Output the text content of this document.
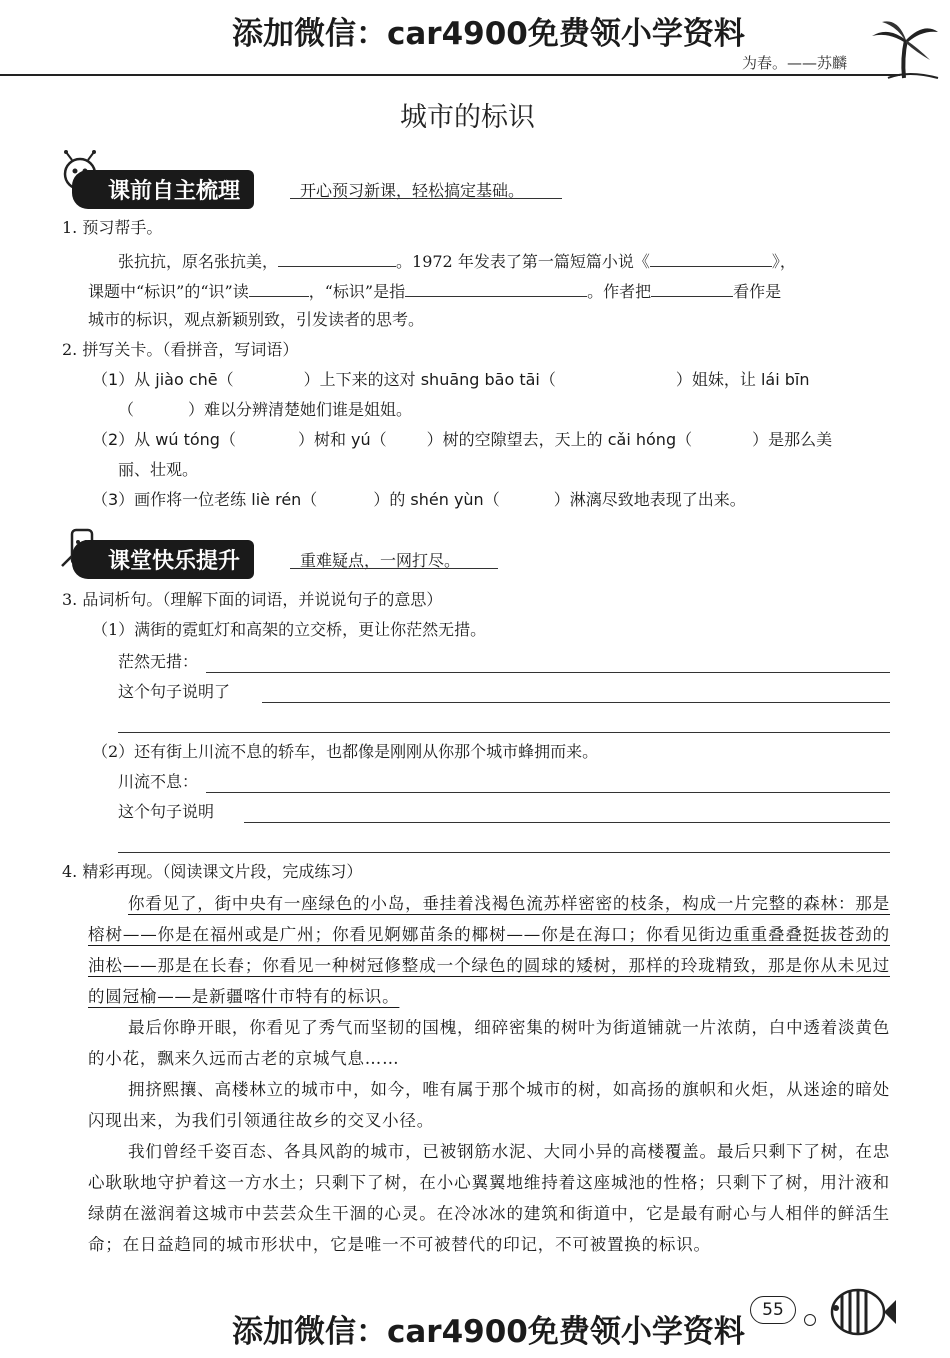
添加微信：car4900免费领小学资料
为春。——苏麟
城市的标识
课前自主梳理	开心预习新课，轻松搞定基础。
1. 预习帮手。
张抗抗，原名张抗美，	。1972 年发表了第一篇短篇小说《	》，
课题中“标识”的“识”读	，“标识”是指	。作者把	看作是
城市的标识，观点新颖别致，引发读者的思考。
2. 拼写关卡。（看拼音，写词语）
（1）从 jiào chē（	）上下来的这对 shuāng bāo tāi（	）姐妹，让 lái bīn
（	）难以分辨清楚她们谁是姐姐。
（2）从 wú tóng（	）树和 yú（	）树的空隙望去，天上的 cǎi hóng（	）是那么美
丽、壮观。
（3）画作将一位老练 liè rén（	）的 shén yùn（	）淋漓尽致地表现了出来。
课堂快乐提升	重难疑点，一网打尽。
3. 品词析句。（理解下面的词语，并说说句子的意思）
（1）满街的霓虹灯和高架的立交桥，更让你茫然无措。
茫然无措：
这个句子说明了
（2）还有街上川流不息的轿车，也都像是刚刚从你那个城市蜂拥而来。
川流不息：
这个句子说明
4. 精彩再现。（阅读课文片段，完成练习）

你看见了，街中央有一座绿色的小岛，垂挂着浅褐色流苏样密密的枝条，构成一片完整的森林：那是榕树——你是在福州或是广州；你看见婀娜苗条的椰树——你是在海口；你看见街边重重叠叠挺拔苍劲的油松——那是在长春；你看见一种树冠修整成一个绿色的圆球的矮树，那样的玲珑精致，那是你从未见过的圆冠榆——是新疆喀什市特有的标识。

最后你睁开眼，你看见了秀气而坚韧的国槐，细碎密集的树叶为街道铺就一片浓荫，白中透着淡黄色的小花，飘来久远而古老的京城气息……

拥挤熙攘、高楼林立的城市中，如今，唯有属于那个城市的树，如高扬的旗帜和火炬，从迷途的暗处闪现出来，为我们引领通往故乡的交叉小径。

我们曾经千姿百态、各具风韵的城市，已被钢筋水泥、大同小异的高楼覆盖。最后只剩下了树，在忠心耿耿地守护着这一方水土；只剩下了树，在小心翼翼地维持着这座城池的性格；只剩下了树，用汁液和绿荫在滋润着这城市中芸芸众生干涸的心灵。在冷冰冰的建筑和街道中，它是最有耐心与人相伴的鲜活生命；在日益趋同的城市形状中，它是唯一不可被替代的印记，不可被置换的标识。

添加微信：car4900免费领小学资料
55
